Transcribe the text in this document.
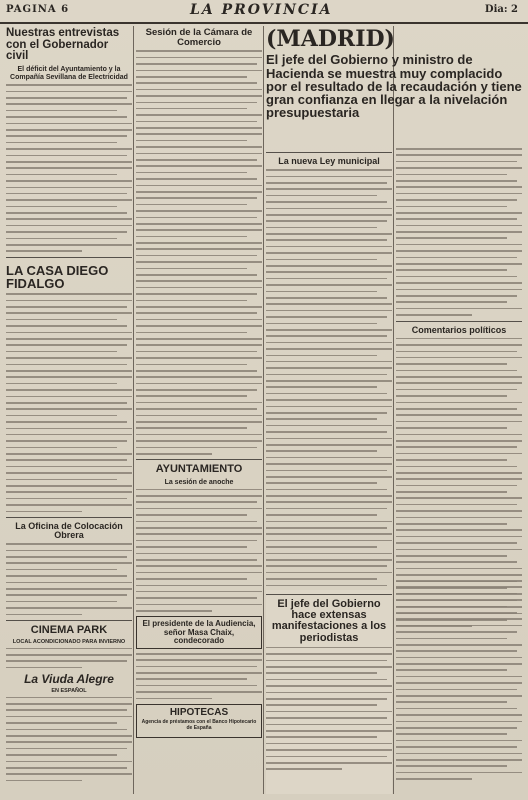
PAGINA 6	LA PROVINCIA	Dia: 2
Nuestras entrevistas con el Gobernador civil
El déficit del Ayuntamiento y la Compañía Sevillana de Electricidad
LA CASA DIEGO FIDALGO
La Oficina de Colocación Obrera
CINEMA PARK
LOCAL ACONDICIONADO PARA INVIERNO
La Viuda Alegre
EN ESPAÑOL
Sesión de la Cámara de Comercio
AYUNTAMIENTO
La sesión de anoche
El presidente de la Audiencia, señor Masa Chaix, condecorado
HIPOTECAS
Agencia de préstamos con el Banco Hipotecario de España
(MADRID)
El jefe del Gobierno y ministro de Hacienda se muestra muy complacido por el resultado de la recaudación y tiene gran confianza en llegar a la nivelación presupuestaria
La nueva Ley municipal
Comentarios políticos
El jefe del Gobierno hace extensas manifestaciones a los periodistas
